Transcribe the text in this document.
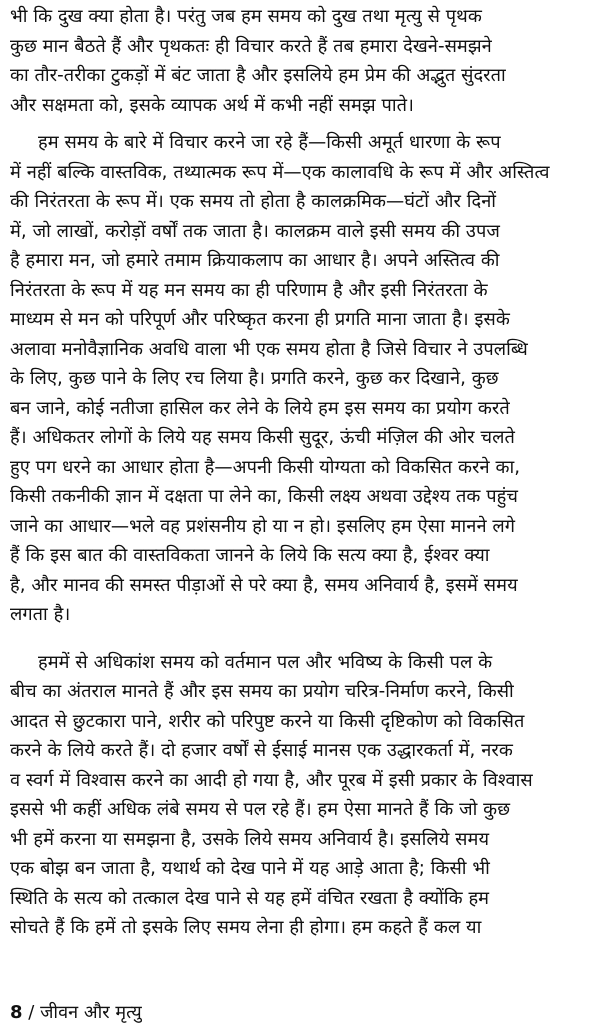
भी कि दुख क्या होता है। परंतु जब हम समय को दुख तथा मृत्यु से पृथक
कुछ मान बैठते हैं और पृथकतः ही विचार करते हैं तब हमारा देखने-समझने
का तौर-तरीका टुकड़ों में बंट जाता है और इसलिये हम प्रेम की अद्भुत सुंदरता
और सक्षमता को, इसके व्यापक अर्थ में कभी नहीं समझ पाते।
हम समय के बारे में विचार करने जा रहे हैं—किसी अमूर्त धारणा के रूप
में नहीं बल्कि वास्तविक, तथ्यात्मक रूप में—एक कालावधि के रूप में और अस्तित्व
की निरंतरता के रूप में। एक समय तो होता है कालक्रमिक—घंटों और दिनों
में, जो लाखों, करोड़ों वर्षों तक जाता है। कालक्रम वाले इसी समय की उपज
है हमारा मन, जो हमारे तमाम क्रियाकलाप का आधार है। अपने अस्तित्व की
निरंतरता के रूप में यह मन समय का ही परिणाम है और इसी निरंतरता के
माध्यम से मन को परिपूर्ण और परिष्कृत करना ही प्रगति माना जाता है। इसके
अलावा मनोवैज्ञानिक अवधि वाला भी एक समय होता है जिसे विचार ने उपलब्धि
के लिए, कुछ पाने के लिए रच लिया है। प्रगति करने, कुछ कर दिखाने, कुछ
बन जाने, कोई नतीजा हासिल कर लेने के लिये हम इस समय का प्रयोग करते
हैं। अधिकतर लोगों के लिये यह समय किसी सुदूर, ऊंची मंज़िल की ओर चलते
हुए पग धरने का आधार होता है—अपनी किसी योग्यता को विकसित करने का,
किसी तकनीकी ज्ञान में दक्षता पा लेने का, किसी लक्ष्य अथवा उद्देश्य तक पहुंच
जाने का आधार—भले वह प्रशंसनीय हो या न हो। इसलिए हम ऐसा मानने लगे
हैं कि इस बात की वास्तविकता जानने के लिये कि सत्य क्या है, ईश्वर क्या
है, और मानव की समस्त पीड़ाओं से परे क्या है, समय अनिवार्य है, इसमें समय
लगता है।
हममें से अधिकांश समय को वर्तमान पल और भविष्य के किसी पल के
बीच का अंतराल मानते हैं और इस समय का प्रयोग चरित्र-निर्माण करने, किसी
आदत से छुटकारा पाने, शरीर को परिपुष्ट करने या किसी दृष्टिकोण को विकसित
करने के लिये करते हैं। दो हजार वर्षों से ईसाई मानस एक उद्धारकर्ता में, नरक
व स्वर्ग में विश्वास करने का आदी हो गया है, और पूरब में इसी प्रकार के विश्वास
इससे भी कहीं अधिक लंबे समय से पल रहे हैं। हम ऐसा मानते हैं कि जो कुछ
भी हमें करना या समझना है, उसके लिये समय अनिवार्य है। इसलिये समय
एक बोझ बन जाता है, यथार्थ को देख पाने में यह आड़े आता है; किसी भी
स्थिति के सत्य को तत्काल देख पाने से यह हमें वंचित रखता है क्योंकि हम
सोचते हैं कि हमें तो इसके लिए समय लेना ही होगा। हम कहते हैं कल या
8 / जीवन और मृत्यु
